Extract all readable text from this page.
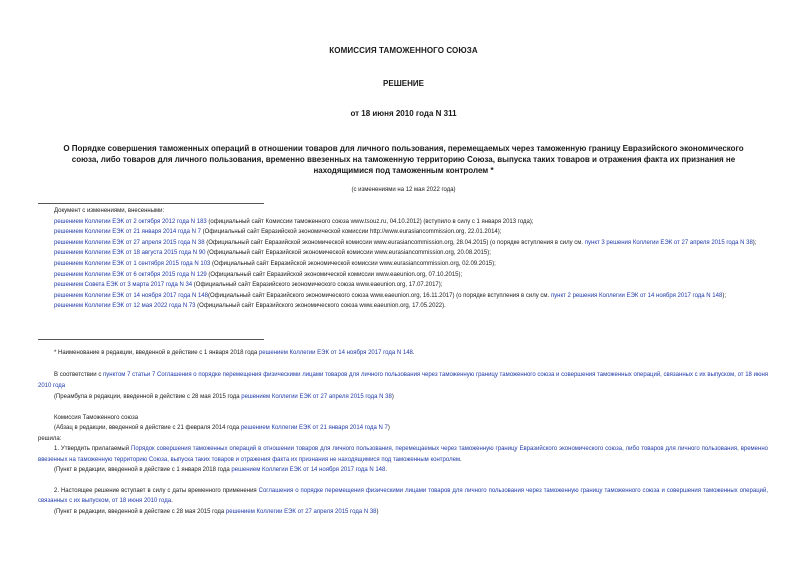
КОМИССИЯ ТАМОЖЕННОГО СОЮЗА
РЕШЕНИЕ
от 18 июня 2010 года N 311
О Порядке совершения таможенных операций в отношении товаров для личного пользования, перемещаемых через таможенную границу Евразийского экономического союза, либо товаров для личного пользования, временно ввезенных на таможенную территорию Союза, выпуска таких товаров и отражения факта их признания не находящимися под таможенным контролем *
(с изменениями на 12 мая 2022 года)
Документ с изменениями, внесенными:
решением Коллегии ЕЭК от 2 октября 2012 года N 183 (официальный сайт Комиссии таможенного союза www.tsouz.ru, 04.10.2012) (вступило в силу с 1 января 2013 года);
решением Коллегии ЕЭК от 21 января 2014 года N 7 (Официальный сайт Евразийской экономической комиссии http://www.eurasiancommission.org, 22.01.2014);
решением Коллегии ЕЭК от 27 апреля 2015 года N 38 (Официальный сайт Евразийской экономической комиссии www.eurasiancommission.org, 28.04.2015) (о порядке вступления в силу см. пункт 3 решения Коллегии ЕЭК от 27 апреля 2015 года N 38);
решением Коллегии ЕЭК от 18 августа 2015 года N 90 (Официальный сайт Евразийской экономической комиссии www.eurasiancommission.org, 20.08.2015);
решением Коллегии ЕЭК от 1 сентября 2015 года N 103 (Официальный сайт Евразийской экономической комиссии www.eurasiancommission.org, 02.09.2015);
решением Коллегии ЕЭК от 6 октября 2015 года N 129 (Официальный сайт Евразийской экономической комиссии www.eaeunion.org, 07.10.2015);
решением Совета ЕЭК от 3 марта 2017 года N 34 (Официальный сайт Евразийского экономического союза www.eaeunion.org, 17.07.2017);
решением Коллегии ЕЭК от 14 ноября 2017 года N 148(Официальный сайт Евразийского экономического союза www.eaeunion.org, 16.11.2017) (о порядке вступления в силу см. пункт 2 решения Коллегии ЕЭК от 14 ноября 2017 года N 148);
решением Коллегии ЕЭК от 12 мая 2022 года N 73 (Официальный сайт Евразийского экономического союза www.eaeunion.org, 17.05.2022).
* Наименование в редакции, введенной в действие с 1 января 2018 года решением Коллегии ЕЭК от 14 ноября 2017 года N 148.
В соответствии с пунктом 7 статьи 7 Соглашения о порядке перемещения физическими лицами товаров для личного пользования через таможенную границу таможенного союза и совершения таможенных операций, связанных с их выпуском, от 18 июня 2010 года
(Преамбула в редакции, введенной в действие с 28 мая 2015 года решением Коллегии ЕЭК от 27 апреля 2015 года N 38)
Комиссия Таможенного союза
(Абзац в редакции, введенной в действие с 21 февраля 2014 года решением Коллегии ЕЭК от 21 января 2014 года N 7)
решила:
1. Утвердить прилагаемый Порядок совершения таможенных операций в отношении товаров для личного пользования, перемещаемых через таможенную границу Евразийского экономического союза, либо товаров для личного пользования, временно ввезенных на таможенную территорию Союза, выпуска таких товаров и отражения факта их признания не находящимися под таможенным контролем.
(Пункт в редакции, введенной в действие с 1 января 2018 года решением Коллегии ЕЭК от 14 ноября 2017 года N 148.
2. Настоящее решение вступает в силу с даты временного применения Соглашения о порядке перемещения физическими лицами товаров для личного пользования через таможенную границу таможенного союза и совершения таможенных операций, связанных с их выпуском, от 18 июня 2010 года.
(Пункт в редакции, введенной в действие с 28 мая 2015 года решением Коллегии ЕЭК от 27 апреля 2015 года N 38)
